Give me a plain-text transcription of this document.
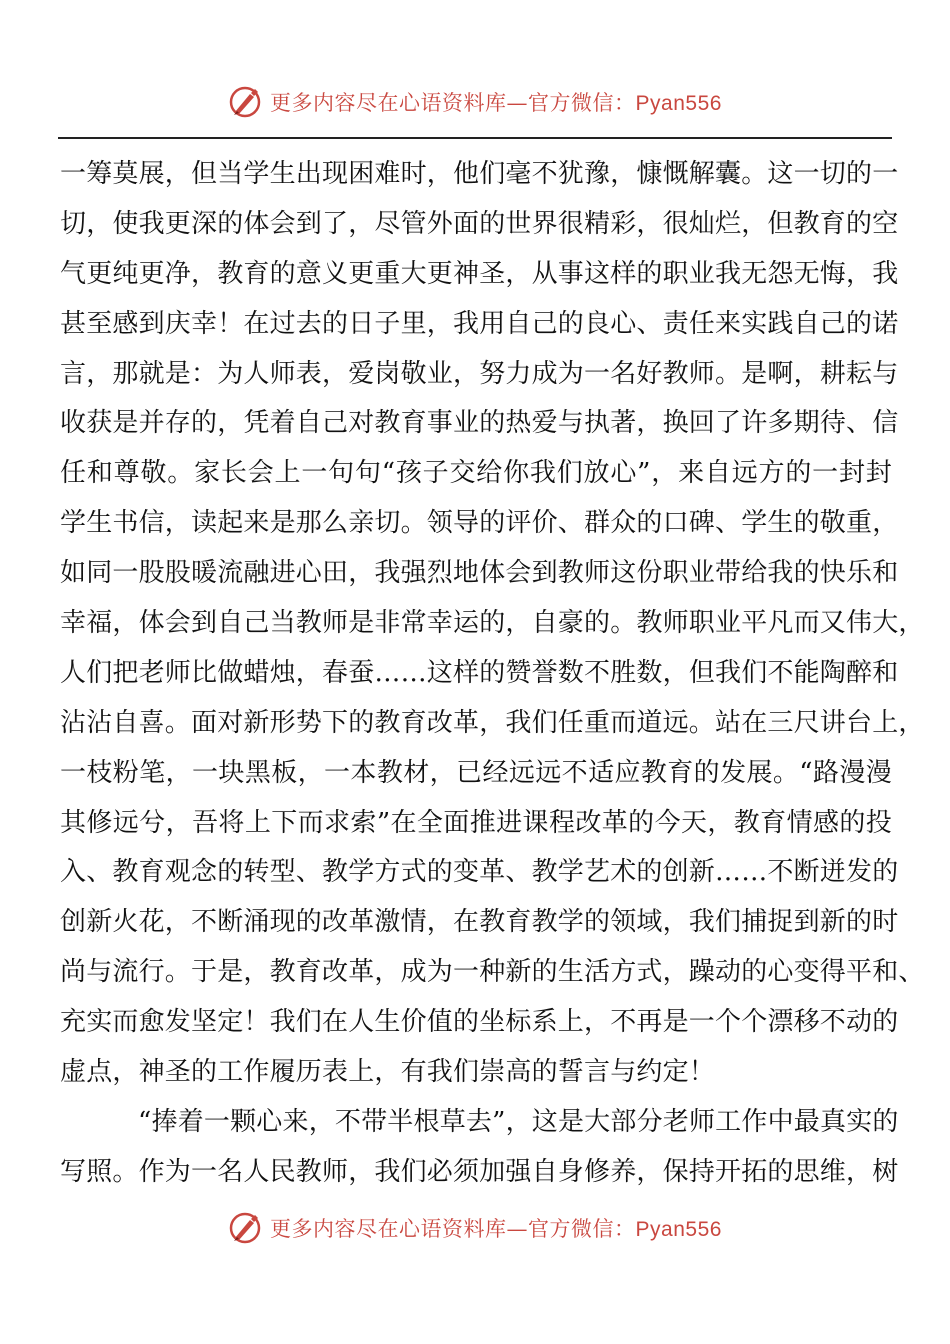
更多内容尽在心语资料库—官方微信：Pyan556
一筹莫展，但当学生出现困难时，他们毫不犹豫，慷慨解囊。这一切的一
切，使我更深的体会到了，尽管外面的世界很精彩，很灿烂，但教育的空
气更纯更净，教育的意义更重大更神圣，从事这样的职业我无怨无悔，我
甚至感到庆幸！在过去的日子里，我用自己的良心、责任来实践自己的诺
言，那就是：为人师表，爱岗敬业，努力成为一名好教师。是啊，耕耘与
收获是并存的，凭着自己对教育事业的热爱与执著，换回了许多期待、信
任和尊敬。家长会上一句句“孩子交给你我们放心”，来自远方的一封封
学生书信，读起来是那么亲切。领导的评价、群众的口碑、学生的敬重，
如同一股股暖流融进心田，我强烈地体会到教师这份职业带给我的快乐和
幸福，体会到自己当教师是非常幸运的，自豪的。教师职业平凡而又伟大，
人们把老师比做蜡烛，春蚕……这样的赞誉数不胜数，但我们不能陶醉和
沾沾自喜。面对新形势下的教育改革，我们任重而道远。站在三尺讲台上，
一枝粉笔，一块黑板，一本教材，已经远远不适应教育的发展。“路漫漫
其修远兮，吾将上下而求索”在全面推进课程改革的今天，教育情感的投
入、教育观念的转型、教学方式的变革、教学艺术的创新……不断迸发的
创新火花，不断涌现的改革激情，在教育教学的领域，我们捕捉到新的时
尚与流行。于是，教育改革，成为一种新的生活方式，躁动的心变得平和、
充实而愈发坚定！我们在人生价值的坐标系上，不再是一个个漂移不动的
虚点，神圣的工作履历表上，有我们崇高的誓言与约定！
“捧着一颗心来，不带半根草去”，这是大部分老师工作中最真实的
写照。作为一名人民教师，我们必须加强自身修养，保持开拓的思维，树
更多内容尽在心语资料库—官方微信：Pyan556
